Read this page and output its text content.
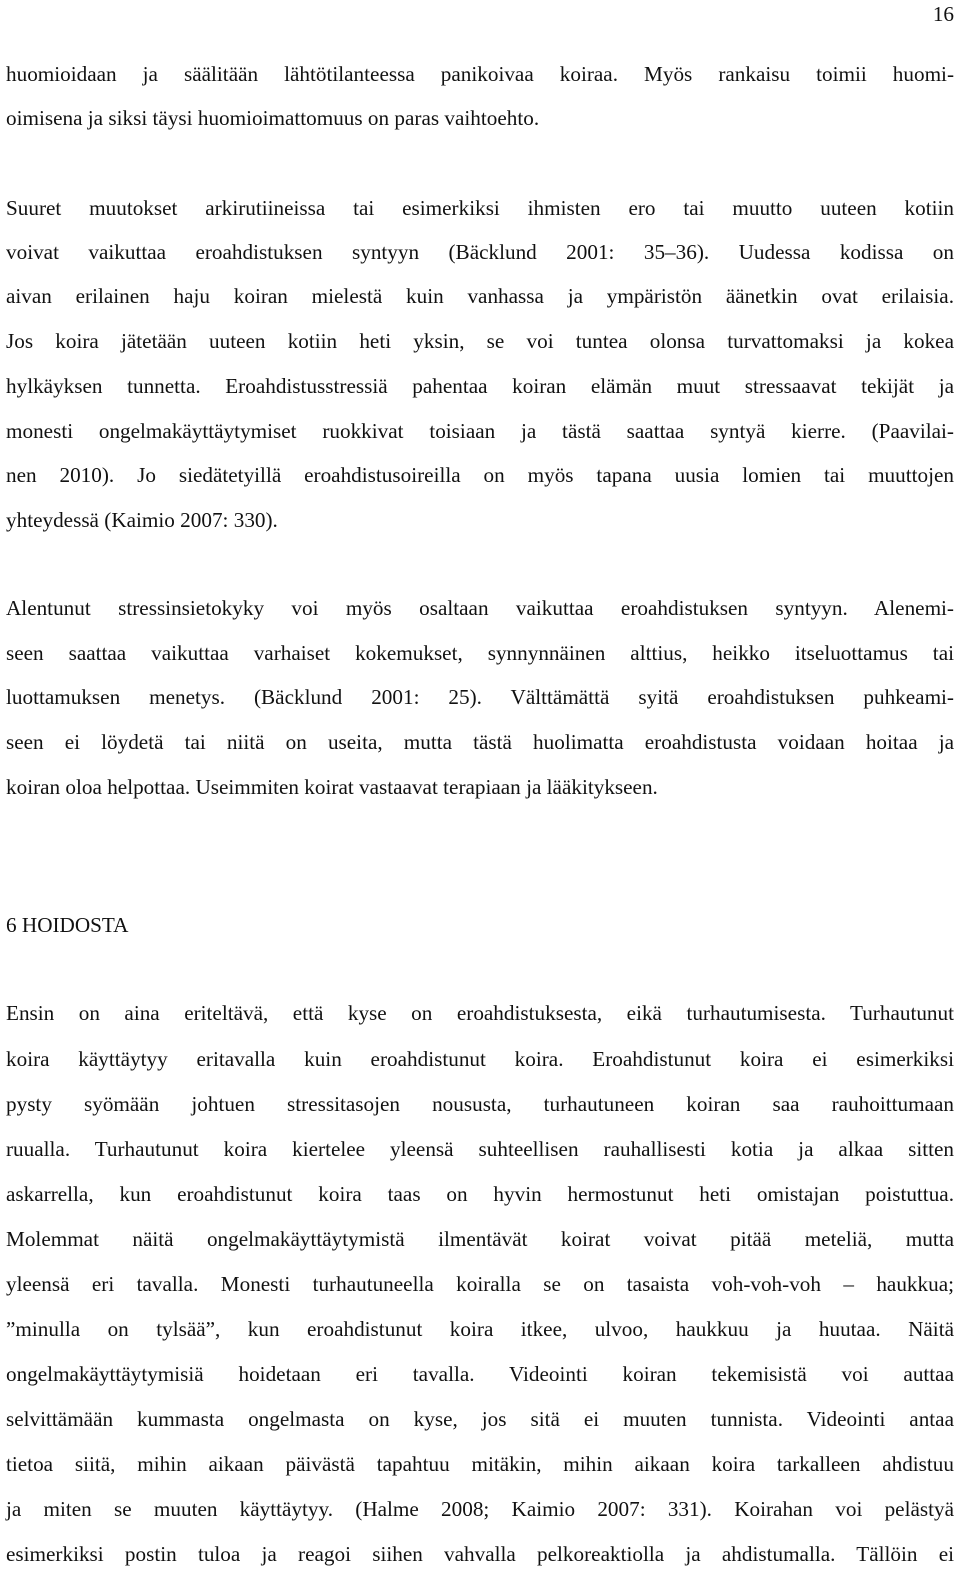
16
huomioidaan ja säälitään lähtötilanteessa panikoivaa koiraa. Myös rankaisu toimii huomi-
oimisena ja siksi täysi huomioimattomuus on paras vaihtoehto.
Suuret muutokset arkirutiineissa tai esimerkiksi ihmisten ero tai muutto uuteen kotiin
voivat vaikuttaa eroahdistuksen syntyyn (Bäcklund 2001: 35–36). Uudessa kodissa on
aivan erilainen haju koiran mielestä kuin vanhassa ja ympäristön äänetkin ovat erilaisia.
Jos koira jätetään uuteen kotiin heti yksin, se voi tuntea olonsa turvattomaksi ja kokea
hylkäyksen tunnetta. Eroahdistusstressiä pahentaa koiran elämän muut stressaavat tekijät ja
monesti ongelmakäyttäytymiset ruokkivat toisiaan ja tästä saattaa syntyä kierre. (Paavilai-
nen 2010). Jo siedätetyillä eroahdistusoireilla on myös tapana uusia lomien tai muuttojen
yhteydessä (Kaimio 2007: 330).
Alentunut stressinsietokyky voi myös osaltaan vaikuttaa eroahdistuksen syntyyn. Alenemi-
seen saattaa vaikuttaa varhaiset kokemukset, synnynnäinen alttius, heikko itseluottamus tai
luottamuksen menetys. (Bäcklund 2001: 25). Välttämättä syitä eroahdistuksen puhkeami-
seen ei löydetä tai niitä on useita, mutta tästä huolimatta eroahdistusta voidaan hoitaa ja
koiran oloa helpottaa. Useimmiten koirat vastaavat terapiaan ja lääkitykseen.
6 HOIDOSTA
Ensin on aina eriteltävä, että kyse on eroahdistuksesta, eikä turhautumisesta. Turhautunut
koira käyttäytyy eritavalla kuin eroahdistunut koira. Eroahdistunut koira ei esimerkiksi
pysty syömään johtuen stressitasojen noususta, turhautuneen koiran saa rauhoittumaan
ruualla. Turhautunut koira kiertelee yleensä suhteellisen rauhallisesti kotia ja alkaa sitten
askarrella, kun eroahdistunut koira taas on hyvin hermostunut heti omistajan poistuttua.
Molemmat näitä ongelmakäyttäytymistä ilmentävät koirat voivat pitää meteliä, mutta
yleensä eri tavalla. Monesti turhautuneella koiralla se on tasaista voh-voh-voh – haukkua;
”minulla on tylsää”, kun eroahdistunut koira itkee, ulvoo, haukkuu ja huutaa. Näitä
ongelmakäyttäytymisiä hoidetaan eri tavalla. Videointi koiran tekemisistä voi auttaa
selvittämään kummasta ongelmasta on kyse, jos sitä ei muuten tunnista. Videointi antaa
tietoa siitä, mihin aikaan päivästä tapahtuu mitäkin, mihin aikaan koira tarkalleen ahdistuu
ja miten se muuten käyttäytyy. (Halme 2008; Kaimio 2007: 331). Koirahan voi pelästyä
esimerkiksi postin tuloa ja reagoi siihen vahvalla pelkoreaktiolla ja ahdistumalla. Tällöin ei
